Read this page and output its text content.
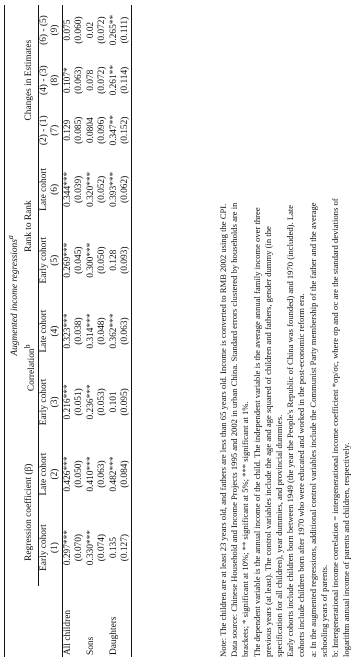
	Augmented income regressions$^a$
	Regression coefficient (β)		Correlation$^b$		Rank to Rank		Changes in Estimates		
	Early cohort	Late cohort	Early cohort	Late cohort	Early cohort	Late cohort	(2) - (1)	(4) - (3)	(6) - (5)
	(1)	(2)	(3)	(4)	(5)	(6)	(7)	(8)	(9)
All children	0.297***	0.426***	0.216***	0.323***	0.269***	0.344***	0.129	0.107*	0.075
	(0.070)	(0.050)	(0.051)	(0.038)	(0.045)	(0.039)	(0.085)	(0.063)	(0.060)
Sons	0.330***	0.410***	0.236***	0.314***	0.300***	0.320***	0.0804	0.078	0.02
	(0.074)	(0.063)	(0.053)	(0.048)	(0.050)	(0.052)	(0.096)	(0.072)	(0.072)
Daughters	0.135	0.482***	0.101	0.362***	0.128	0.393***	0.347**	0.261**	0.265**
	(0.127)	(0.084)	(0.095)	(0.063)	(0.093)	(0.062)	(0.152)	(0.114)	(0.111)

Note: The children are at least 23 years old, and fathers are less than 65 years old. Income is converted to RMB 2002 using the CPI. Data source: Chinese Household and Income Projects 1995 and 2002 in urban China. Standard errors clustered by households are in brackets; * significant at 10%; ** significant at 5%; *** significant at 1%. The dependent variable is the annual income of the child. The independent variable is the average annual family income over three previous years (at least). The control variables include the age and age squared of children and fathers, gender dummy (in the specification for all children), year dummies, and provincial dummies. Early cohorts include children born between 1949 (the year the People's Republic of China was founded) and 1970 (included). Late cohorts include children born after 1970 who were educated and worked in the post-economic reform era. a: In the augmented regressions, additional control variables include the Communist Party membership of the father and the average schooling years of parents. b: Intergenerational income correlation = intergenerational income coefficient *σp/σc, where σp and σc are the standard deviations of logarithm annual income of parents and children, respectively.
